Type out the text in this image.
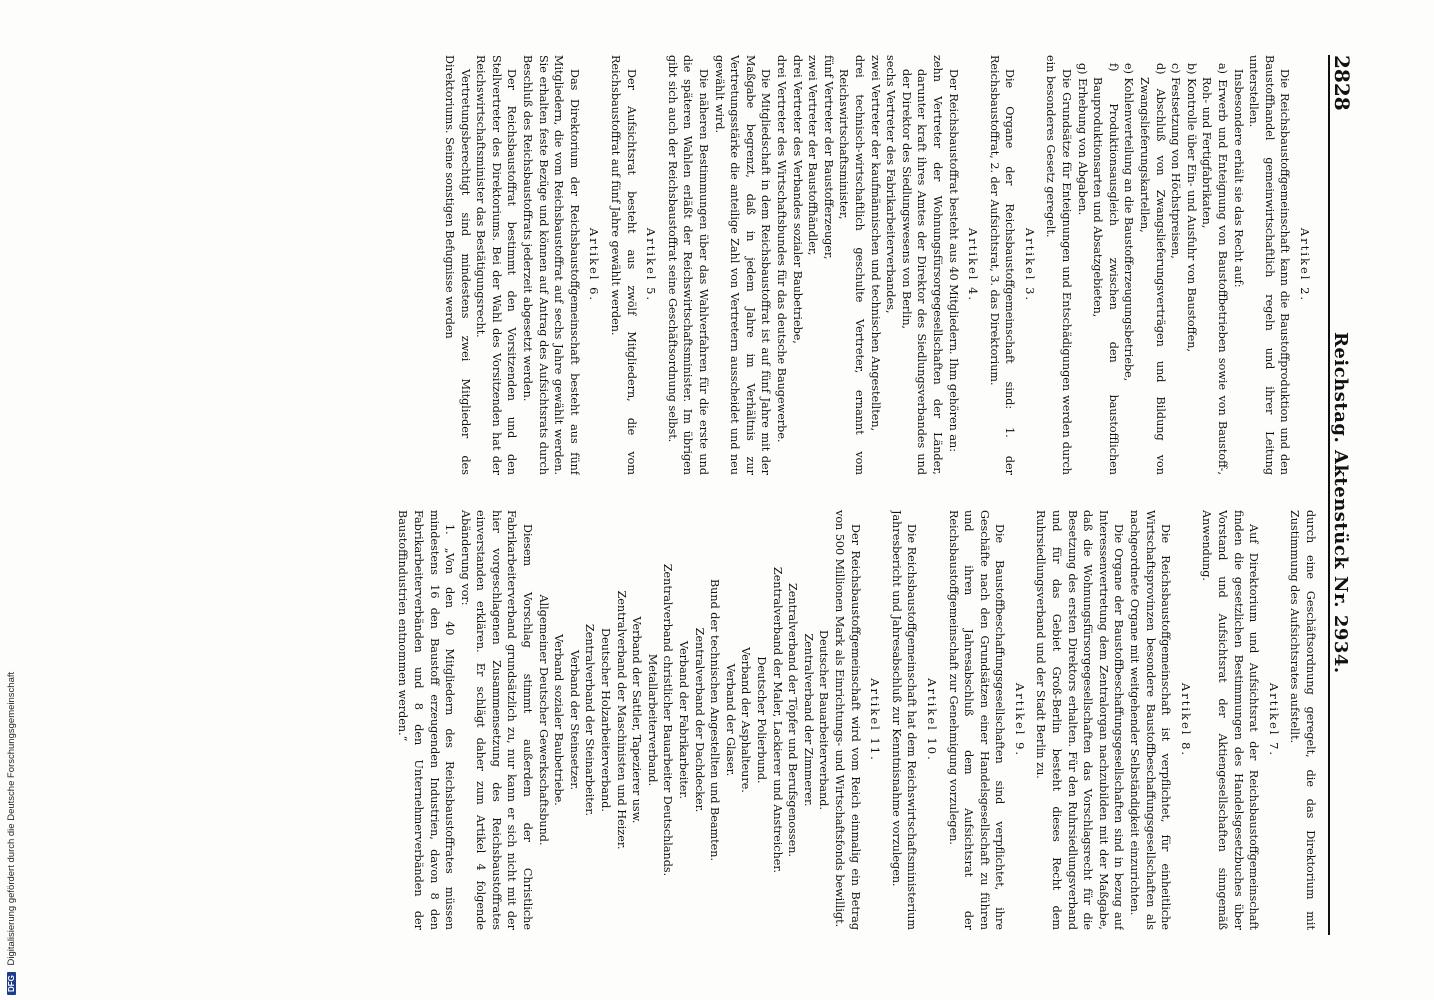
2828
Reichstag. Aktenstück Nr. 2934.
Artikel 2.

Die Reichsbaustoffgemeinschaft kann die Baustoffproduktion und den Baustoffhandel gemeinwirtschaftlich regeln und ihrer Leitung unterstellen.

Insbesondere erhält sie das Recht auf:

a) Erwerb und Enteignung von Baustoffbetrieben sowie von Baustoff-, Roh- und Fertigfabrikaten,
b) Kontrolle über Ein- und Ausfuhr von Baustoffen,
c) Festsetzung von Höchstpreisen,
d) Abschluß von Zwangslieferungsverträgen und Bildung von Zwangslieferungskartellen,
e) Kohlenverteilung an die Baustofferzeugungsbetriebe,
f) Produktionsausgleich zwischen den baustofflichen Bauproduktionsarten und Absatzgebieten,
g) Erhebung von Abgaben.

Die Grundsätze für Enteignungen und Entschädigungen werden durch ein besonderes Gesetz geregelt.

Artikel 3.

Die Organe der Reichsbaustoffgemeinschaft sind: 1. der Reichsbaustoffrat, 2. der Aufsichtsrat, 3. das Direktorium.

Artikel 4.

Der Reichsbaustoffrat besteht aus 40 Mitgliedern. Ihm gehören an:

zehn Vertreter der Wohnungsfürsorgegesellschaften der Länder, darunter kraft ihres Amtes der Direktor des Siedlungsverbandes und der Direktor des Siedlungswesens von Berlin,
sechs Vertreter des Fabrikarbeiterverbandes,
zwei Vertreter der kaufmännischen und technischen Angestellten,
drei technisch-wirtschaftlich geschulte Vertreter, ernannt vom Reichswirtschaftsminister,
fünf Vertreter der Baustofferzeuger,
zwei Vertreter der Baustoffhändler,
drei Vertreter des Verbandes sozialer Baubetriebe,
drei Vertreter des Wirtschaftsbundes für das deutsche Baugewerbe.

Die Mitgliedschaft in dem Reichsbaustoffrat ist auf fünf Jahre mit der Maßgabe begrenzt, daß in jedem Jahre im Verhältnis zur Vertretungsstärke die anteilige Zahl von Vertretern ausscheidet und neu gewählt wird.

Die näheren Bestimmungen über das Wahlverfahren für die erste und die späteren Wahlen erläßt der Reichswirtschaftsminister. Im übrigen gibt sich auch der Reichsbaustoffrat seine Geschäftsordnung selbst.

Artikel 5.

Der Aufsichtsrat besteht aus zwölf Mitgliedern, die vom Reichsbaustoffrat auf fünf Jahre gewählt werden.

Artikel 6.

Das Direktorium der Reichsbaustoffgemeinschaft besteht aus fünf Mitgliedern, die vom Reichsbaustoffrat auf sechs Jahre gewählt werden. Sie erhalten feste Bezüge und können auf Antrag des Aufsichtsrats durch Beschluß des Reichsbaustoffrats jederzeit abgesetzt werden.

Der Reichsbaustoffrat bestimmt den Vorsitzenden und den Stellvertreter des Direktoriums. Bei der Wahl des Vorsitzenden hat der Reichswirtschaftsminister das Bestätigungsrecht.

Vertretungsberechtigt sind mindestens zwei Mitglieder des Direktoriums. Seine sonstigen Befugnisse werden

durch eine Geschäftsordnung geregelt, die das Direktorium mit Zustimmung des Aufsichtsrates aufstellt.

Artikel 7.

Auf Direktorium und Aufsichtsrat der Reichsbaustoffgemeinschaft finden die gesetzlichen Bestimmungen des Handelsgesetzbuches über Vorstand und Aufsichtsrat der Aktiengesellschaften sinngemäß Anwendung.

Artikel 8.

Die Reichsbaustoffgemeinschaft ist verpflichtet, für einheitliche Wirtschaftsprovinzen besondere Baustoffbeschaffungsgesellschaften als nachgeordnete Organe mit weitgehender Selbständigkeit einzurichten.

Die Organe der Baustoffbeschaffungsgesellschaften sind in bezug auf Interessenvertretung dem Zentralorgan nachzubilden mit der Maßgabe, daß die Wohnungsfürsorgegesellschaften das Vorschlagsrecht für die Besetzung des ersten Direktors erhalten. Für den Ruhrsiedlungsverband und für das Gebiet Groß-Berlin besteht dieses Recht dem Ruhrsiedlungsverband und der Stadt Berlin zu.

Artikel 9.

Die Baustoffbeschaffungsgesellschaften sind verpflichtet, ihre Geschäfte nach den Grundsätzen einer Handelsgesellschaft zu führen und ihren Jahresabschluß dem Aufsichtsrat der Reichsbaustoffgemeinschaft zur Genehmigung vorzulegen.

Artikel 10.

Die Reichsbaustoffgemeinschaft hat dem Reichswirtschaftsministerium Jahresbericht und Jahresabschluß zur Kenntnisnahme vorzulegen.

Artikel 11.

Der Reichsbaustoffgemeinschaft wird vom Reich einmalig ein Betrag von 500 Millionen Mark als Einrichtungs- und Wirtschaftsfonds bewilligt.

Deutscher Bauarbeiterverband.
Zentralverband der Zimmerer.
Zentralverband der Töpfer und Berufsgenossen.
Zentralverband der Maler, Lackierer und Anstreicher.
Deutscher Polierbund.
Verband der Asphalteure.
Verband der Glaser.
Bund der technischen Angestellten und Beamten.
Zentralverband der Dachdecker.
Verband der Fabrikarbeiter.
Zentralverband christlicher Bauarbeiter Deutschlands.
Metallarbeiterverband.
Verband der Sattler, Tapezierer usw.
Zentralverband der Maschinisten und Heizer.
Deutscher Holzarbeiterverband.
Zentralverband der Steinarbeiter.
Verband der Steinsetzer.
Verband sozialer Baubetriebe.
Allgemeiner Deutscher Gewerkschaftsbund.

Diesem Vorschlag stimmt außerdem der Christliche Fabrikarbeiterverband grundsätzlich zu, nur kann er sich nicht mit der hier vorgeschlagenen Zusammensetzung des Reichsbaustoffrates einverstanden erklären. Er schlägt daher zum Artikel 4 folgende Abänderung vor:

1. „Von den 40 Mitgliedern des Reichsbaustoffrates müssen mindestens 16 den Baustoff erzeugenden Industrien, davon 8 den Fabrikarbeiterverbänden und 8 den Unternehmerverbänden der Baustoffindustrien entnommen werden.“

DFG Digitalisierung gefördert durch die Deutsche Forschungsgemeinschaft
